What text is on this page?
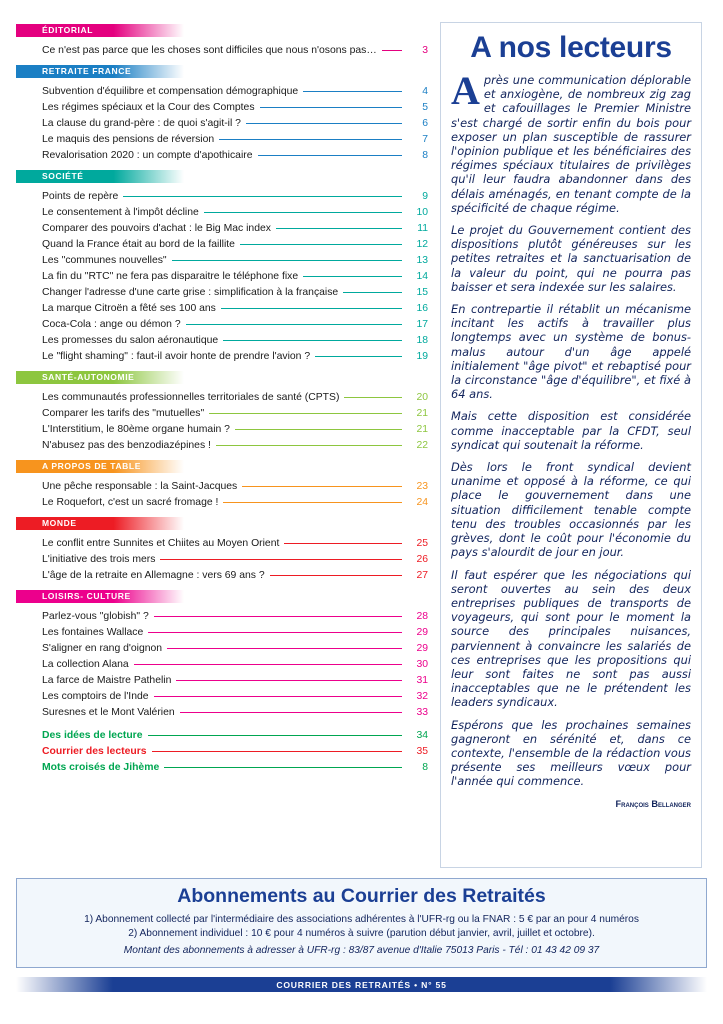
ÉDITORIAL
Ce n'est pas parce que les choses sont difficiles que nous n'osons pas…	3
RETRAITE FRANCE
Subvention d'équilibre et compensation démographique	4
Les régimes spéciaux et la Cour des Comptes	5
La clause du grand-père : de quoi s'agit-il ?	6
Le maquis des pensions de réversion	7
Revalorisation 2020 : un compte d'apothicaire	8
SOCIÉTÉ
Points de repère	9
Le consentement à l'impôt décline	10
Comparer des pouvoirs d'achat : le Big Mac index	11
Quand la France était au bord de la faillite	12
Les "communes nouvelles"	13
La fin du "RTC" ne fera pas disparaitre le téléphone fixe	14
Changer l'adresse d'une carte grise : simplification à la française	15
La marque Citroën a fêté ses 100 ans	16
Coca-Cola : ange ou démon ?	17
Les promesses du salon aéronautique	18
Le "flight shaming" : faut-il avoir honte de prendre l'avion ?	19
SANTÉ-AUTONOMIE
Les communautés professionnelles territoriales de santé (CPTS)	20
Comparer les tarifs des "mutuelles"	21
L'Interstitium, le 80ème organe humain ?	21
N'abusez pas des benzodiazépines !	22
A PROPOS DE TABLE
Une pêche responsable : la Saint-Jacques	23
Le Roquefort, c'est un sacré fromage !	24
MONDE
Le conflit entre Sunnites et Chiites au Moyen Orient	25
L'initiative des trois mers	26
L'âge de la retraite en Allemagne : vers 69 ans ?	27
LOISIRS- CULTURE
Parlez-vous "globish" ?	28
Les fontaines Wallace	29
S'aligner en rang d'oignon	29
La collection Alana	30
La farce de Maistre Pathelin	31
Les comptoirs de l'Inde	32
Suresnes et le Mont Valérien	33
Des idées de lecture	34
Courrier des lecteurs	35
Mots croisés de Jihème	8
A nos lecteurs

Après une communication déplorable et anxiogène, de nombreux zig zag et cafouillages le Premier Ministre s'est chargé de sortir enfin du bois pour exposer un plan susceptible de rassurer l'opinion publique et les bénéficiaires des régimes spéciaux titulaires de privilèges qu'il leur faudra abandonner dans des délais aménagés, en tenant compte de la spécificité de chaque régime.

Le projet du Gouvernement contient des dispositions plutôt généreuses sur les petites retraites et la sanctuarisation de la valeur du point, qui ne pourra pas baisser et sera indexée sur les salaires.

En contrepartie il rétablit un mécanisme incitant les actifs à travailler plus longtemps avec un système de bonus-malus autour d'un âge appelé initialement "âge pivot" et rebaptisé pour la circonstance "âge d'équilibre", et fixé à 64 ans.

Mais cette disposition est considérée comme inacceptable par la CFDT, seul syndicat qui soutenait la réforme.

Dès lors le front syndical devient unanime et opposé à la réforme, ce qui place le gouvernement dans une situation difficilement tenable compte tenu des troubles occasionnés par les grèves, dont le coût pour l'économie du pays s'alourdit de jour en jour.

Il faut espérer que les négociations qui seront ouvertes au sein des deux entreprises publiques de transports de voyageurs, qui sont pour le moment la source des principales nuisances, parviennent à convaincre les salariés de ces entreprises que les propositions qui leur sont faites ne sont pas aussi inacceptables que ne le prétendent les leaders syndicaux.

Espérons que les prochaines semaines gagneront en sérénité et, dans ce contexte, l'ensemble de la rédaction vous présente ses meilleurs vœux pour l'année qui commence.

François Bellanger
Abonnements au Courrier des Retraités
1) Abonnement collecté par l'intermédiaire des associations adhérentes à l'UFR-rg ou la FNAR : 5 € par an pour 4 numéros
2) Abonnement individuel : 10 € pour 4 numéros à suivre (parution début janvier, avril, juillet et octobre).
Montant des abonnements à adresser à UFR-rg : 83/87 avenue d'Italie 75013 Paris - Tél : 01 43 42 09 37
COURRIER DES RETRAITÉS • N° 55
